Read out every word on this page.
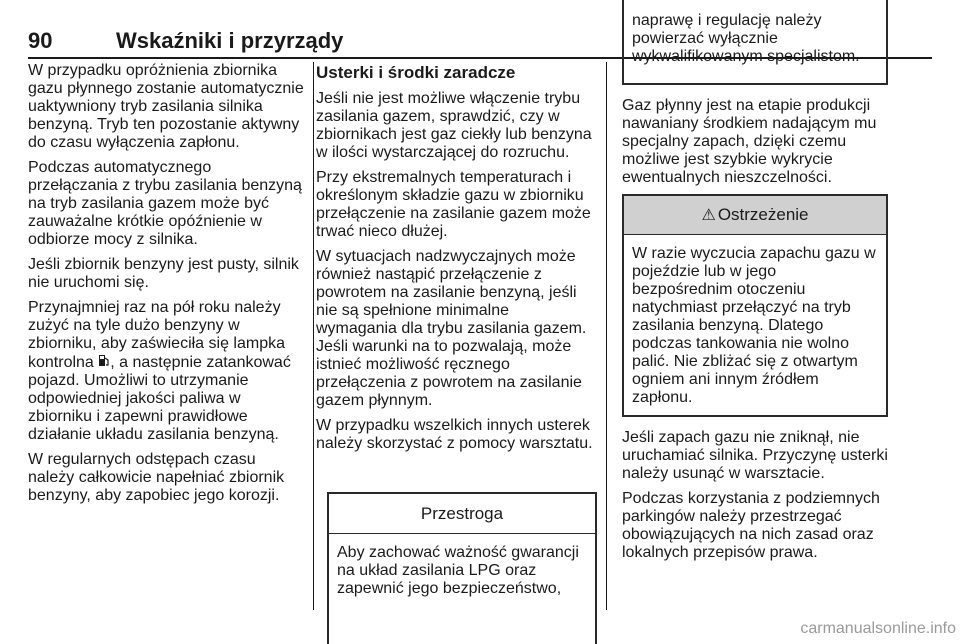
90	Wskaźniki i przyrządy

W przypadku opróżnienia zbiornika gazu płynnego zostanie automatycznie uaktywniony tryb zasilania silnika benzyną. Tryb ten pozostanie aktywny do czasu wyłączenia zapłonu.

Podczas automatycznego przełączania z trybu zasilania benzyną na tryb zasilania gazem może być zauważalne krótkie opóźnienie w odbiorze mocy z silnika.

Jeśli zbiornik benzyny jest pusty, silnik nie uruchomi się.

Przynajmniej raz na pół roku należy zużyć na tyle dużo benzyny w zbiorniku, aby zaświeciła się lampka kontrolna , a następnie zatankować pojazd. Umożliwi to utrzymanie odpowiedniej jakości paliwa w zbiorniku i zapewni prawidłowe działanie układu zasilania benzyną.

W regularnych odstępach czasu należy całkowicie napełniać zbiornik benzyny, aby zapobiec jego korozji.

Usterki i środki zaradcze

Jeśli nie jest możliwe włączenie trybu zasilania gazem, sprawdzić, czy w zbiornikach jest gaz ciekły lub benzyna w ilości wystarczającej do rozruchu.

Przy ekstremalnych temperaturach i określonym składzie gazu w zbiorniku przełączenie na zasilanie gazem może trwać nieco dłużej.

W sytuacjach nadzwyczajnych może również nastąpić przełączenie z powrotem na zasilanie benzyną, jeśli nie są spełnione minimalne wymagania dla trybu zasilania gazem. Jeśli warunki na to pozwalają, może istnieć możliwość ręcznego przełączenia z powrotem na zasilanie gazem płynnym.

W przypadku wszelkich innych usterek należy skorzystać z pomocy warsztatu.

Przestroga

Aby zachować ważność gwarancji na układ zasilania LPG oraz zapewnić jego bezpieczeństwo,

naprawę i regulację należy powierzać wyłącznie wykwalifikowanym specjalistom.

Gaz płynny jest na etapie produkcji nawaniany środkiem nadającym mu specjalny zapach, dzięki czemu możliwe jest szybkie wykrycie ewentualnych nieszczelności.

⚠ Ostrzeżenie

W razie wyczucia zapachu gazu w pojeździe lub w jego bezpośrednim otoczeniu natychmiast przełączyć na tryb zasilania benzyną. Dlatego podczas tankowania nie wolno palić. Nie zbliżać się z otwartym ogniem ani innym źródłem zapłonu.

Jeśli zapach gazu nie zniknął, nie uruchamiać silnika. Przyczynę usterki należy usunąć w warsztacie.

Podczas korzystania z podziemnych parkingów należy przestrzegać obowiązujących na nich zasad oraz lokalnych przepisów prawa.

carmanualsonline.info
